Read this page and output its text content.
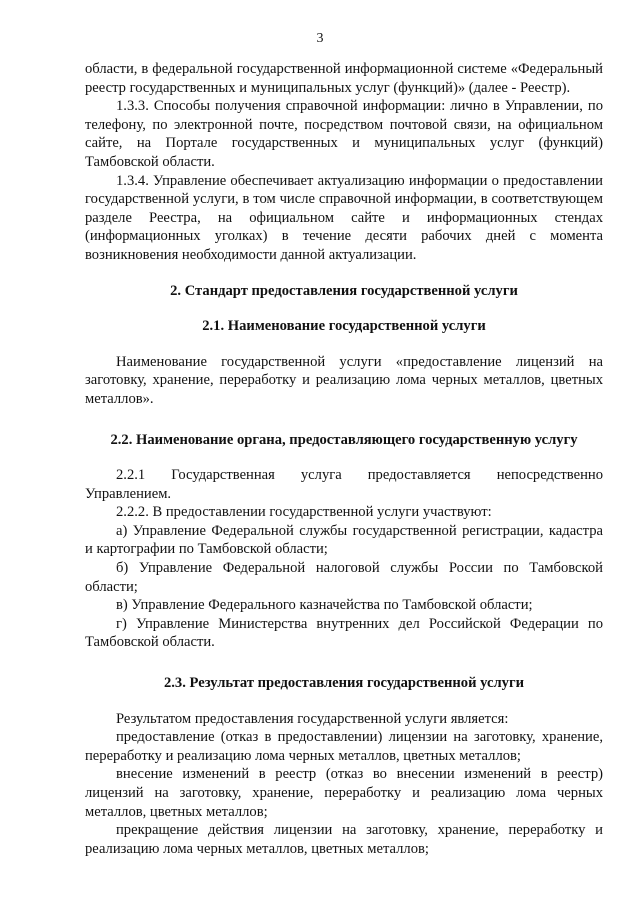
3

области, в федеральной государственной информационной системе «Федеральный реестр государственных и муниципальных услуг (функций)» (далее - Реестр).

1.3.3. Способы получения справочной информации: лично в Управлении, по телефону, по электронной почте, посредством почтовой связи, на официальном сайте, на Портале государственных и муниципальных услуг (функций) Тамбовской области.

1.3.4. Управление обеспечивает актуализацию информации о предоставлении государственной услуги, в том числе справочной информации, в соответствующем разделе Реестра, на официальном сайте и информационных стендах (информационных уголках) в течение десяти рабочих дней с момента возникновения необходимости данной актуализации.

2. Стандарт предоставления государственной услуги
2.1. Наименование государственной услуги

Наименование государственной услуги «предоставление лицензий на заготовку, хранение, переработку и реализацию лома черных металлов, цветных металлов».

2.2. Наименование органа, предоставляющего государственную услугу

2.2.1 Государственная услуга предоставляется непосредственно Управлением.

2.2.2. В предоставлении государственной услуги участвуют:

а) Управление Федеральной службы государственной регистрации, кадастра и картографии по Тамбовской области;

б) Управление Федеральной налоговой службы России по Тамбовской области;

в) Управление Федерального казначейства по Тамбовской области;

г) Управление Министерства внутренних дел Российской Федерации по Тамбовской области.

2.3. Результат предоставления государственной услуги

Результатом предоставления государственной услуги является:

предоставление (отказ в предоставлении) лицензии на заготовку, хранение, переработку и реализацию лома черных металлов, цветных металлов;

внесение изменений в реестр (отказ во внесении изменений в реестр) лицензий на заготовку, хранение, переработку и реализацию лома черных металлов, цветных металлов;

прекращение действия лицензии на заготовку, хранение, переработку и реализацию лома черных металлов, цветных металлов;
